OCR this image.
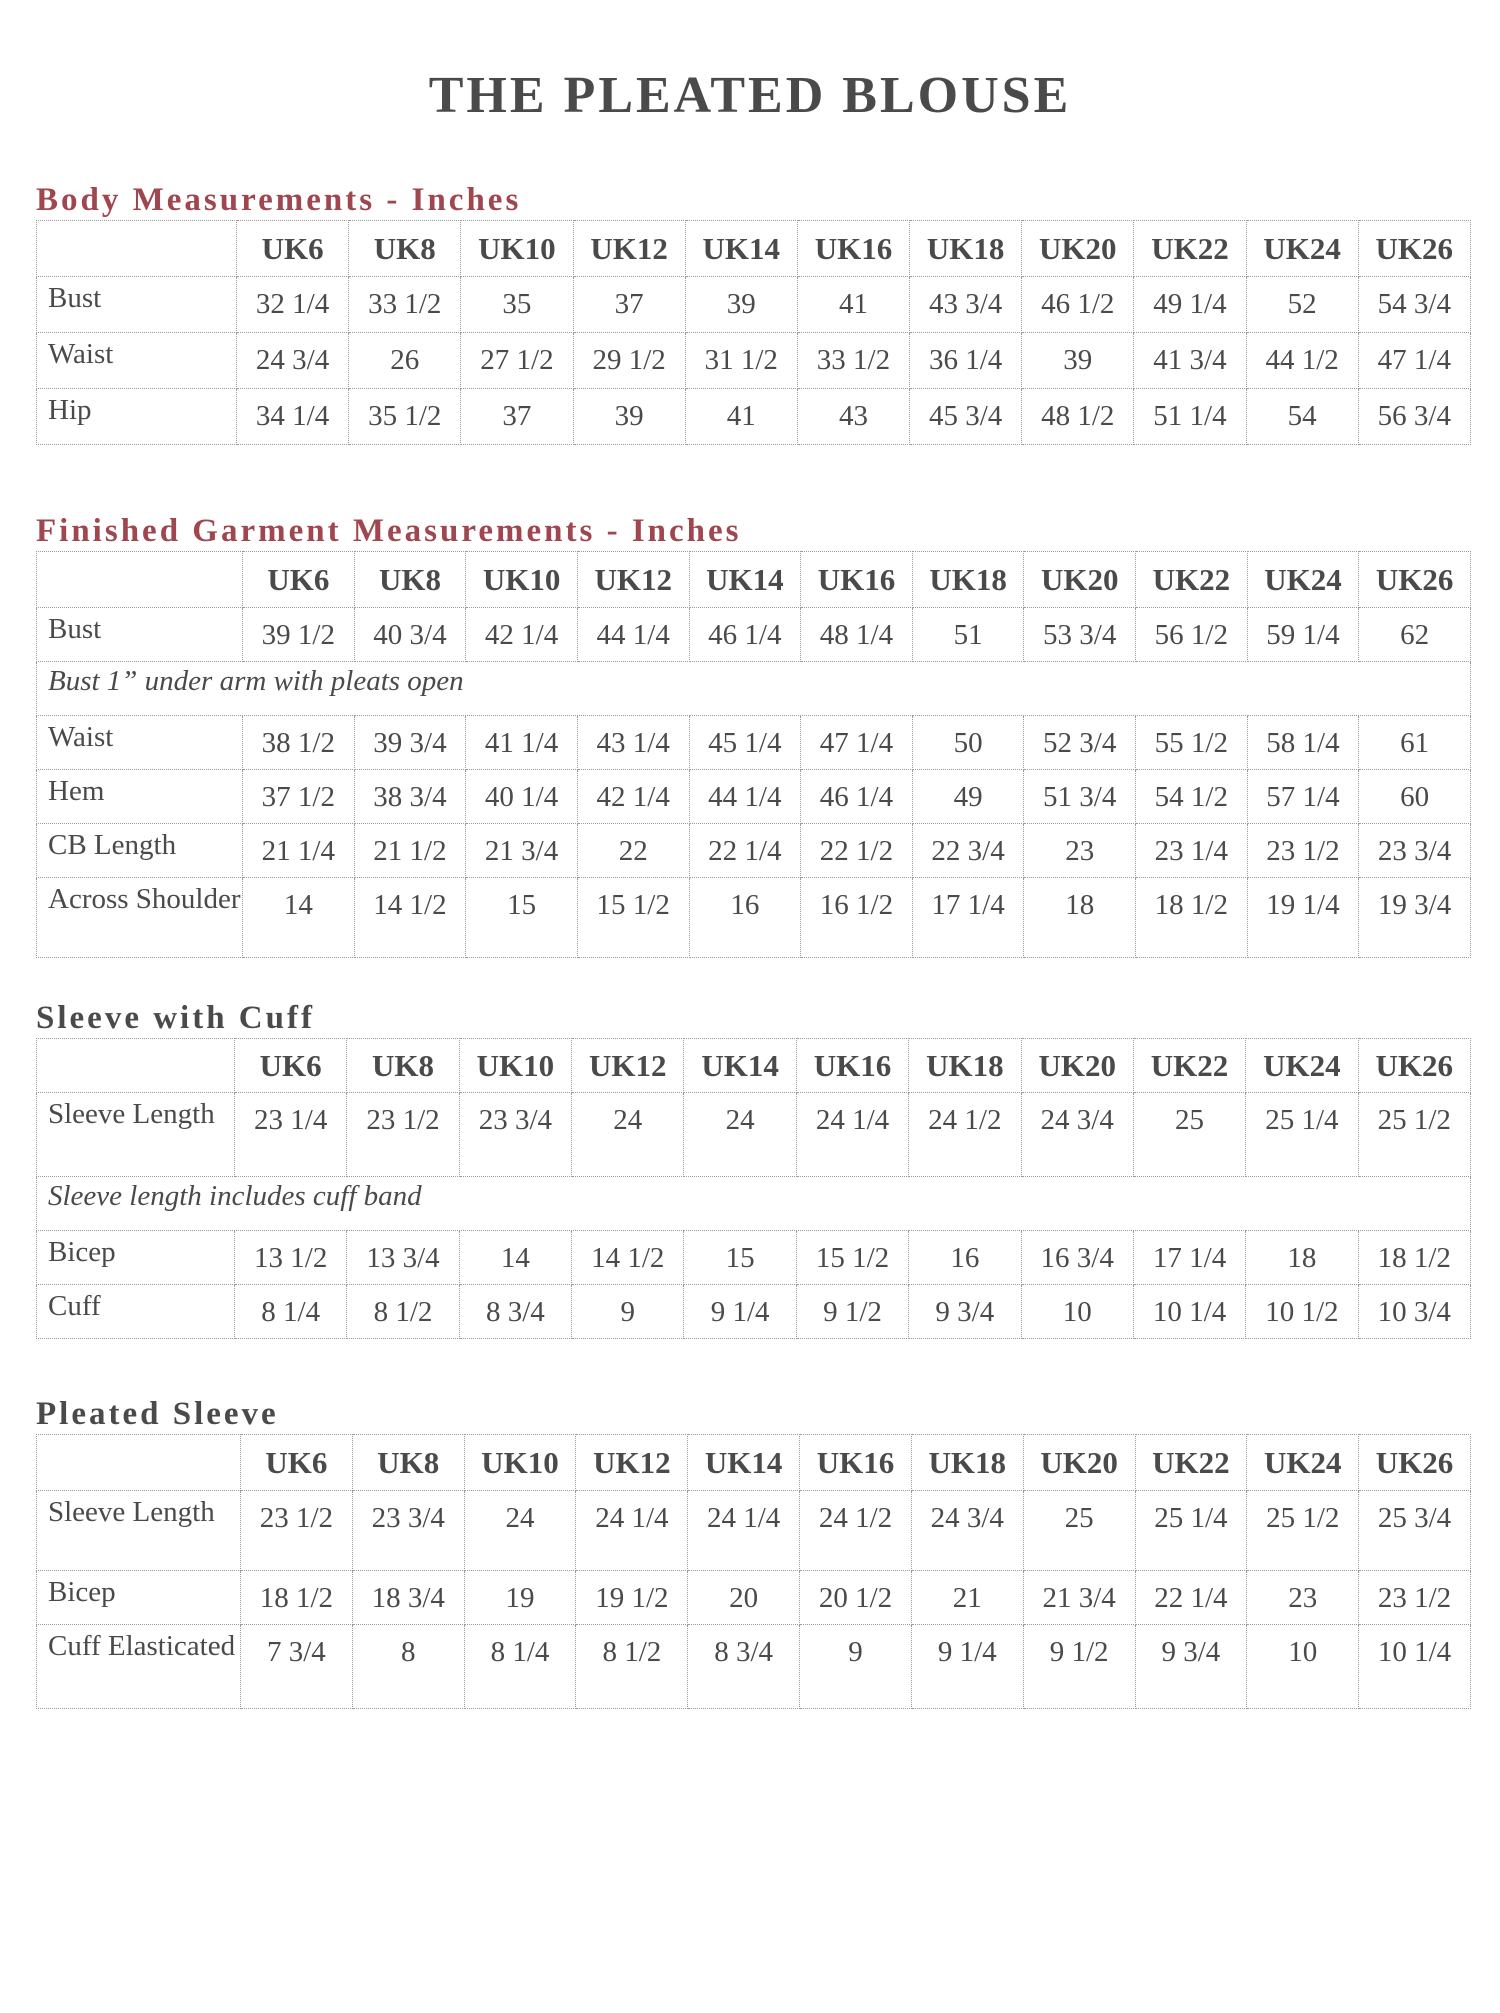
THE PLEATED BLOUSE
Body Measurements - Inches
	UK6	UK8	UK10	UK12	UK14	UK16	UK18	UK20	UK22	UK24	UK26
Bust	32 1/4	33 1/2	35	37	39	41	43 3/4	46 1/2	49 1/4	52	54 3/4
Waist	24 3/4	26	27 1/2	29 1/2	31 1/2	33 1/2	36 1/4	39	41 3/4	44 1/2	47 1/4
Hip	34 1/4	35 1/2	37	39	41	43	45 3/4	48 1/2	51 1/4	54	56 3/4
Finished Garment Measurements - Inches
	UK6	UK8	UK10	UK12	UK14	UK16	UK18	UK20	UK22	UK24	UK26
Bust	39 1/2	40 3/4	42 1/4	44 1/4	46 1/4	48 1/4	51	53 3/4	56 1/2	59 1/4	62
Bust 1” under arm with pleats open											
Waist	38 1/2	39 3/4	41 1/4	43 1/4	45 1/4	47 1/4	50	52 3/4	55 1/2	58 1/4	61
Hem	37 1/2	38 3/4	40 1/4	42 1/4	44 1/4	46 1/4	49	51 3/4	54 1/2	57 1/4	60
CB Length	21 1/4	21 1/2	21 3/4	22	22 1/4	22 1/2	22 3/4	23	23 1/4	23 1/2	23 3/4
Across Shoulder	14	14 1/2	15	15 1/2	16	16 1/2	17 1/4	18	18 1/2	19 1/4	19 3/4
Sleeve with Cuff
	UK6	UK8	UK10	UK12	UK14	UK16	UK18	UK20	UK22	UK24	UK26
Sleeve Length	23 1/4	23 1/2	23 3/4	24	24	24 1/4	24 1/2	24 3/4	25	25 1/4	25 1/2
Sleeve length includes cuff band											
Bicep	13 1/2	13 3/4	14	14 1/2	15	15 1/2	16	16 3/4	17 1/4	18	18 1/2
Cuff	8 1/4	8 1/2	8 3/4	9	9 1/4	9 1/2	9 3/4	10	10 1/4	10 1/2	10 3/4
Pleated Sleeve
	UK6	UK8	UK10	UK12	UK14	UK16	UK18	UK20	UK22	UK24	UK26
Sleeve Length	23 1/2	23 3/4	24	24 1/4	24 1/4	24 1/2	24 3/4	25	25 1/4	25 1/2	25 3/4
Bicep	18 1/2	18 3/4	19	19 1/2	20	20 1/2	21	21 3/4	22 1/4	23	23 1/2
Cuff Elasticated	7 3/4	8	8 1/4	8 1/2	8 3/4	9	9 1/4	9 1/2	9 3/4	10	10 1/4
